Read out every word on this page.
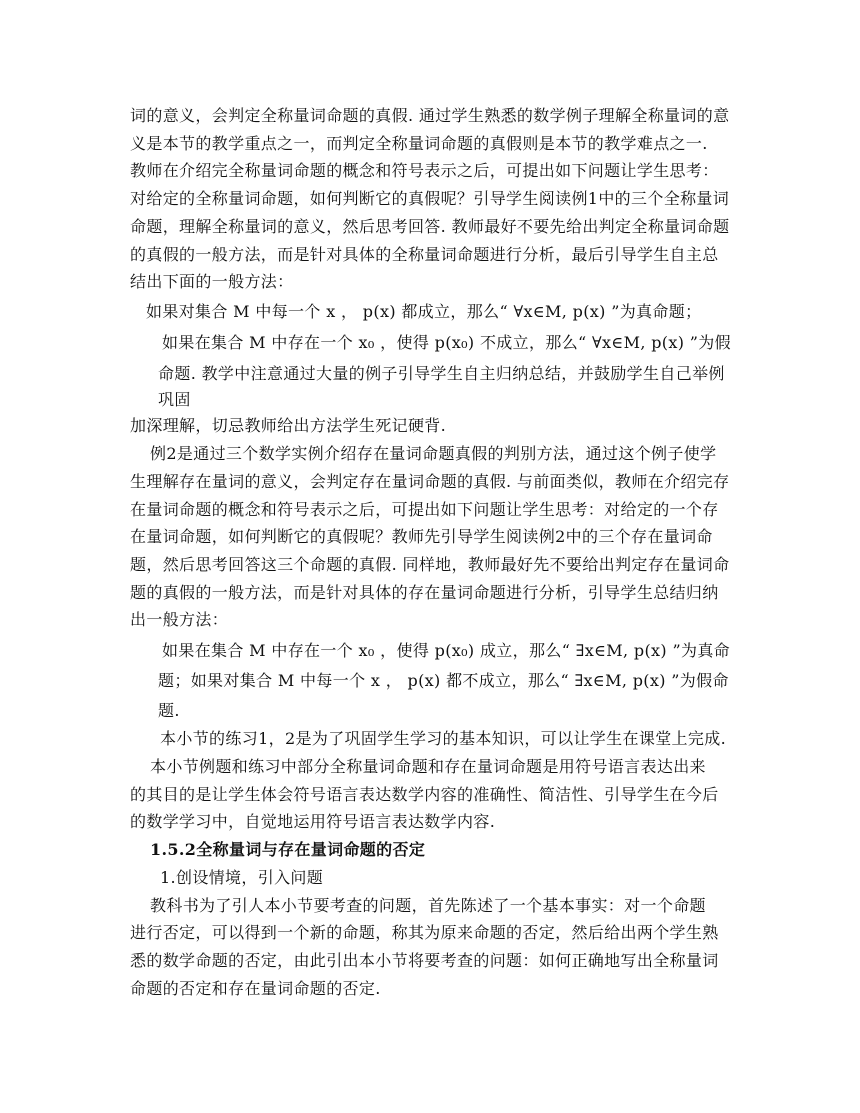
词的意义，会判定全称量词命题的真假. 通过学生熟悉的数学例子理解全称量词的意
义是本节的教学重点之一，而判定全称量词命题的真假则是本节的教学难点之一.
教师在介绍完全称量词命题的概念和符号表示之后，可提出如下问题让学生思考：
对给定的全称量词命题，如何判断它的真假呢？引导学生阅读例1中的三个全称量词
命题，理解全称量词的意义，然后思考回答. 教师最好不要先给出判定全称量词命题
的真假的一般方法，而是针对具体的全称量词命题进行分析，最后引导学生自主总
结出下面的一般方法：
如果对集合 M 中每一个 x ， p(x) 都成立，那么“ ∀x∈M, p(x) ”为真命题；
如果在集合 M 中存在一个 x₀ ，使得 p(x₀) 不成立，那么“ ∀x∈M, p(x) ”为假
命题. 教学中注意通过大量的例子引导学生自主归纳总结，并鼓励学生自己举例
巩固
加深理解，切忌教师给出方法学生死记硬背.
例2是通过三个数学实例介绍存在量词命题真假的判别方法，通过这个例子使学
生理解存在量词的意义，会判定存在量词命题的真假. 与前面类似，教师在介绍完存
在量词命题的概念和符号表示之后，可提出如下问题让学生思考：对给定的一个存
在量词命题，如何判断它的真假呢？教师先引导学生阅读例2中的三个存在量词命
题，然后思考回答这三个命题的真假. 同样地，教师最好先不要给出判定存在量词命
题的真假的一般方法，而是针对具体的存在量词命题进行分析，引导学生总结归纳
出一般方法：
如果在集合 M 中存在一个 x₀ ，使得 p(x₀) 成立，那么“ ∃x∈M, p(x) ”为真命
题；如果对集合 M 中每一个 x ， p(x) 都不成立，那么“ ∃x∈M, p(x) ”为假命
题.
本小节的练习1，2是为了巩固学生学习的基本知识，可以让学生在课堂上完成.
本小节例题和练习中部分全称量词命题和存在量词命题是用符号语言表达出来
的其目的是让学生体会符号语言表达数学内容的准确性、简洁性、引导学生在今后
的数学学习中，自觉地运用符号语言表达数学内容.
1.5.2全称量词与存在量词命题的否定
1.创设情境，引入问题
教科书为了引人本小节要考查的问题，首先陈述了一个基本事实：对一个命题
进行否定，可以得到一个新的命题，称其为原来命题的否定，然后给出两个学生熟
悉的数学命题的否定，由此引出本小节将要考查的问题：如何正确地写出全称量词
命题的否定和存在量词命题的否定.
